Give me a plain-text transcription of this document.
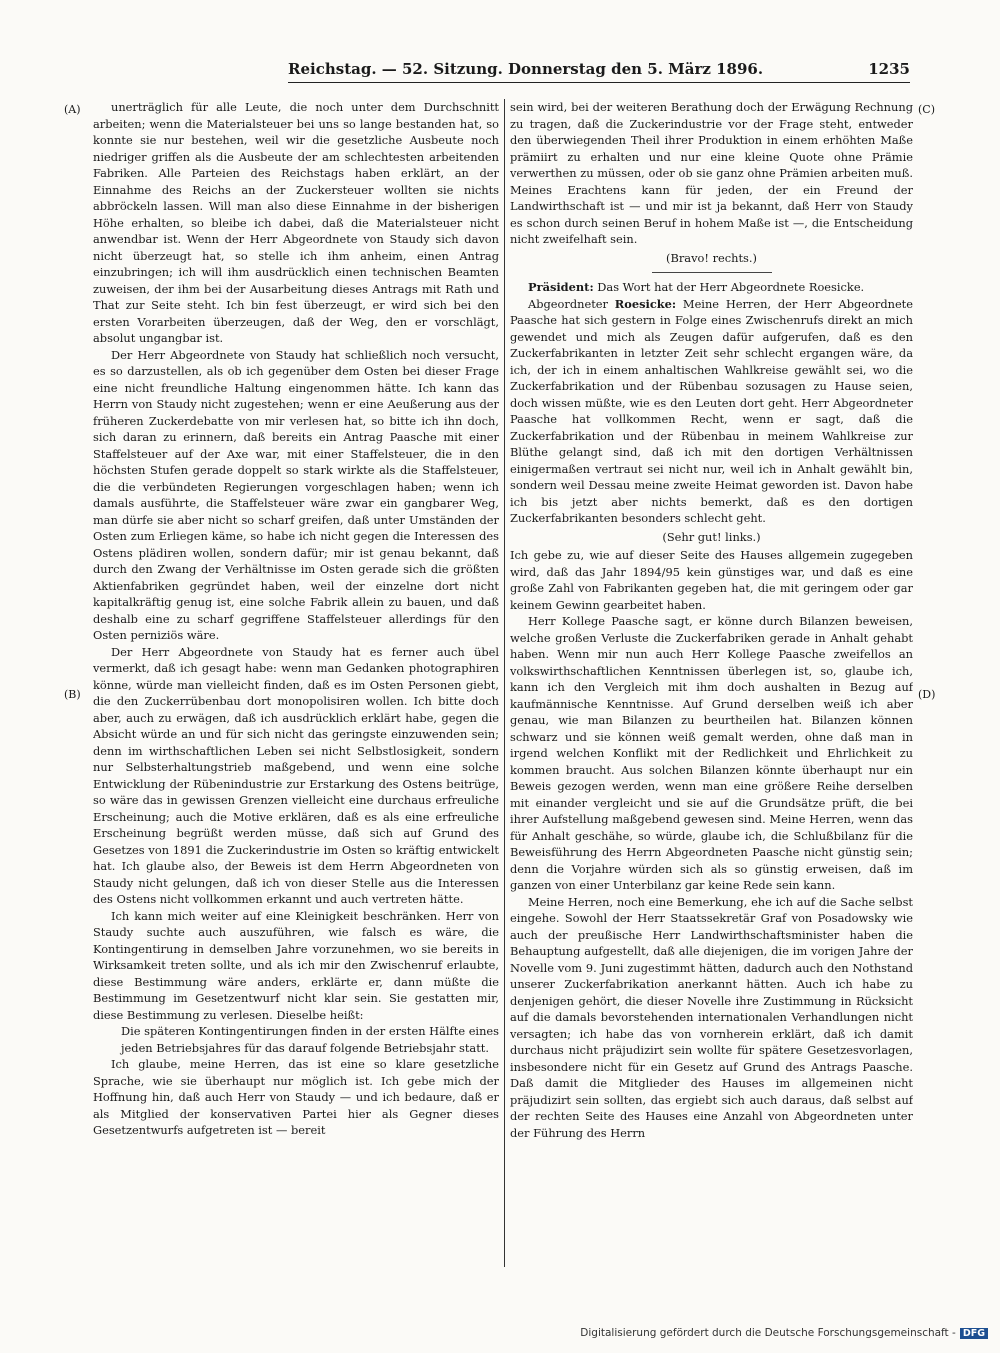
Reichstag. — 52. Sitzung. Donnerstag den 5. März 1896.	1235
(A)
(B)
(C)
(D)

unerträglich für alle Leute, die noch unter dem Durchschnitt arbeiten; wenn die Materialsteuer bei uns so lange bestanden hat, so konnte sie nur bestehen, weil wir die gesetzliche Ausbeute noch niedriger griffen als die Ausbeute der am schlechtesten arbeitenden Fabriken. Alle Parteien des Reichstags haben erklärt, an der Einnahme des Reichs an der Zuckersteuer wollten sie nichts abbröckeln lassen. Will man also diese Einnahme in der bisherigen Höhe erhalten, so bleibe ich dabei, daß die Materialsteuer nicht anwendbar ist. Wenn der Herr Abgeordnete von Staudy sich davon nicht überzeugt hat, so stelle ich ihm anheim, einen Antrag einzubringen; ich will ihm ausdrücklich einen technischen Beamten zuweisen, der ihm bei der Ausarbeitung dieses Antrags mit Rath und That zur Seite steht. Ich bin fest überzeugt, er wird sich bei den ersten Vorarbeiten überzeugen, daß der Weg, den er vorschlägt, absolut ungangbar ist.

Der Herr Abgeordnete von Staudy hat schließlich noch versucht, es so darzustellen, als ob ich gegenüber dem Osten bei dieser Frage eine nicht freundliche Haltung eingenommen hätte. Ich kann das Herrn von Staudy nicht zugestehen; wenn er eine Aeußerung aus der früheren Zuckerdebatte von mir verlesen hat, so bitte ich ihn doch, sich daran zu erinnern, daß bereits ein Antrag Paasche mit einer Staffelsteuer auf der Axe war, mit einer Staffelsteuer, die in den höchsten Stufen gerade doppelt so stark wirkte als die Staffelsteuer, die die verbündeten Regierungen vorgeschlagen haben; wenn ich damals ausführte, die Staffelsteuer wäre zwar ein gangbarer Weg, man dürfe sie aber nicht so scharf greifen, daß unter Umständen der Osten zum Erliegen käme, so habe ich nicht gegen die Interessen des Ostens plädiren wollen, sondern dafür; mir ist genau bekannt, daß durch den Zwang der Verhältnisse im Osten gerade sich die größten Aktienfabriken gegründet haben, weil der einzelne dort nicht kapitalkräftig genug ist, eine solche Fabrik allein zu bauen, und daß deshalb eine zu scharf gegriffene Staffelsteuer allerdings für den Osten perniziös wäre.

Der Herr Abgeordnete von Staudy hat es ferner auch übel vermerkt, daß ich gesagt habe: wenn man Gedanken photographiren könne, würde man vielleicht finden, daß es im Osten Personen giebt, die den Zuckerrübenbau dort monopolisiren wollen. Ich bitte doch aber, auch zu erwägen, daß ich ausdrücklich erklärt habe, gegen die Absicht würde an und für sich nicht das geringste einzuwenden sein; denn im wirthschaftlichen Leben sei nicht Selbstlosigkeit, sondern nur Selbsterhaltungstrieb maßgebend, und wenn eine solche Entwicklung der Rübenindustrie zur Erstarkung des Ostens beitrüge, so wäre das in gewissen Grenzen vielleicht eine durchaus erfreuliche Erscheinung; auch die Motive erklären, daß es als eine erfreuliche Erscheinung begrüßt werden müsse, daß sich auf Grund des Gesetzes von 1891 die Zuckerindustrie im Osten so kräftig entwickelt hat. Ich glaube also, der Beweis ist dem Herrn Abgeordneten von Staudy nicht gelungen, daß ich von dieser Stelle aus die Interessen des Ostens nicht vollkommen erkannt und auch vertreten hätte.

Ich kann mich weiter auf eine Kleinigkeit beschränken. Herr von Staudy suchte auch auszuführen, wie falsch es wäre, die Kontingentirung in demselben Jahre vorzunehmen, wo sie bereits in Wirksamkeit treten sollte, und als ich mir den Zwischenruf erlaubte, diese Bestimmung wäre anders, erklärte er, dann müßte die Bestimmung im Gesetzentwurf nicht klar sein. Sie gestatten mir, diese Bestimmung zu verlesen. Dieselbe heißt:

Die späteren Kontingentirungen finden in der ersten Hälfte eines jeden Betriebsjahres für das darauf folgende Betriebsjahr statt.

Ich glaube, meine Herren, das ist eine so klare gesetzliche Sprache, wie sie überhaupt nur möglich ist. Ich gebe mich der Hoffnung hin, daß auch Herr von Staudy — und ich bedaure, daß er als Mitglied der konservativen Partei hier als Gegner dieses Gesetzentwurfs aufgetreten ist — bereit

sein wird, bei der weiteren Berathung doch der Erwägung Rechnung zu tragen, daß die Zuckerindustrie vor der Frage steht, entweder den überwiegenden Theil ihrer Produktion in einem erhöhten Maße prämiirt zu erhalten und nur eine kleine Quote ohne Prämie verwerthen zu müssen, oder ob sie ganz ohne Prämien arbeiten muß. Meines Erachtens kann für jeden, der ein Freund der Landwirthschaft ist — und mir ist ja bekannt, daß Herr von Staudy es schon durch seinen Beruf in hohem Maße ist —, die Entscheidung nicht zweifelhaft sein.

(Bravo! rechts.)

Präsident: Das Wort hat der Herr Abgeordnete Roesicke.

Abgeordneter Roesicke: Meine Herren, der Herr Abgeordnete Paasche hat sich gestern in Folge eines Zwischenrufs direkt an mich gewendet und mich als Zeugen dafür aufgerufen, daß es den Zuckerfabrikanten in letzter Zeit sehr schlecht ergangen wäre, da ich, der ich in einem anhaltischen Wahlkreise gewählt sei, wo die Zuckerfabrikation und der Rübenbau sozusagen zu Hause seien, doch wissen müßte, wie es den Leuten dort geht. Herr Abgeordneter Paasche hat vollkommen Recht, wenn er sagt, daß die Zuckerfabrikation und der Rübenbau in meinem Wahlkreise zur Blüthe gelangt sind, daß ich mit den dortigen Verhältnissen einigermaßen vertraut sei nicht nur, weil ich in Anhalt gewählt bin, sondern weil Dessau meine zweite Heimat geworden ist. Davon habe ich bis jetzt aber nichts bemerkt, daß es den dortigen Zuckerfabrikanten besonders schlecht geht.

(Sehr gut! links.)

Ich gebe zu, wie auf dieser Seite des Hauses allgemein zugegeben wird, daß das Jahr 1894/95 kein günstiges war, und daß es eine große Zahl von Fabrikanten gegeben hat, die mit geringem oder gar keinem Gewinn gearbeitet haben.

Herr Kollege Paasche sagt, er könne durch Bilanzen beweisen, welche großen Verluste die Zuckerfabriken gerade in Anhalt gehabt haben. Wenn mir nun auch Herr Kollege Paasche zweifellos an volkswirthschaftlichen Kenntnissen überlegen ist, so, glaube ich, kann ich den Vergleich mit ihm doch aushalten in Bezug auf kaufmännische Kenntnisse. Auf Grund derselben weiß ich aber genau, wie man Bilanzen zu beurtheilen hat. Bilanzen können schwarz und sie können weiß gemalt werden, ohne daß man in irgend welchen Konflikt mit der Redlichkeit und Ehrlichkeit zu kommen braucht. Aus solchen Bilanzen könnte überhaupt nur ein Beweis gezogen werden, wenn man eine größere Reihe derselben mit einander vergleicht und sie auf die Grundsätze prüft, die bei ihrer Aufstellung maßgebend gewesen sind. Meine Herren, wenn das für Anhalt geschähe, so würde, glaube ich, die Schlußbilanz für die Beweisführung des Herrn Abgeordneten Paasche nicht günstig sein; denn die Vorjahre würden sich als so günstig erweisen, daß im ganzen von einer Unterbilanz gar keine Rede sein kann.

Meine Herren, noch eine Bemerkung, ehe ich auf die Sache selbst eingehe. Sowohl der Herr Staatssekretär Graf von Posadowsky wie auch der preußische Herr Landwirthschaftsminister haben die Behauptung aufgestellt, daß alle diejenigen, die im vorigen Jahre der Novelle vom 9. Juni zugestimmt hätten, dadurch auch den Nothstand unserer Zuckerfabrikation anerkannt hätten. Auch ich habe zu denjenigen gehört, die dieser Novelle ihre Zustimmung in Rücksicht auf die damals bevorstehenden internationalen Verhandlungen nicht versagten; ich habe das von vornherein erklärt, daß ich damit durchaus nicht präjudizirt sein wollte für spätere Gesetzesvorlagen, insbesondere nicht für ein Gesetz auf Grund des Antrags Paasche. Daß damit die Mitglieder des Hauses im allgemeinen nicht präjudizirt sein sollten, das ergiebt sich auch daraus, daß selbst auf der rechten Seite des Hauses eine Anzahl von Abgeordneten unter der Führung des Herrn

Digitalisierung gefördert durch die Deutsche Forschungsgemeinschaft - DFG
